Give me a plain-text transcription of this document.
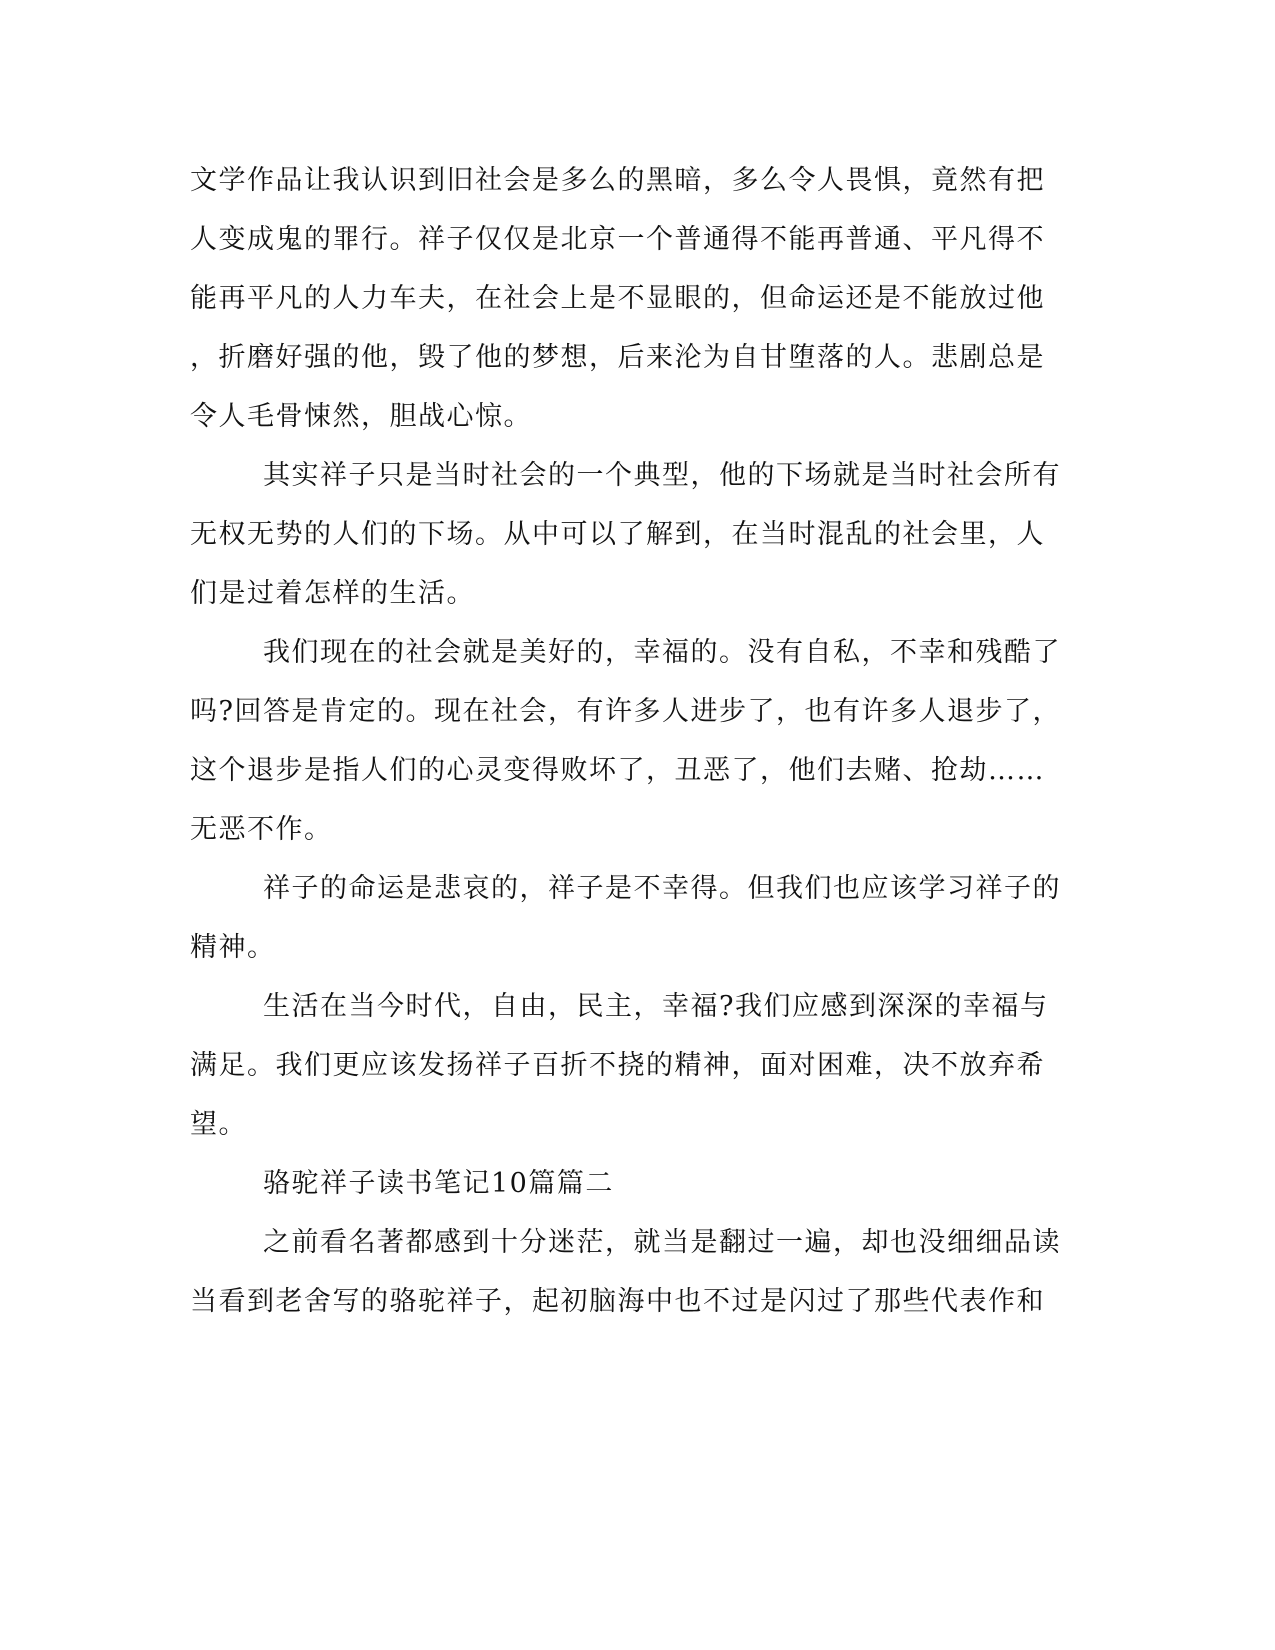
文学作品让我认识到旧社会是多么的黑暗，多么令人畏惧，竟然有把
人变成鬼的罪行。祥子仅仅是北京一个普通得不能再普通、平凡得不
能再平凡的人力车夫，在社会上是不显眼的，但命运还是不能放过他
，折磨好强的他，毁了他的梦想，后来沦为自甘堕落的人。悲剧总是
令人毛骨悚然，胆战心惊。
其实祥子只是当时社会的一个典型，他的下场就是当时社会所有
无权无势的人们的下场。从中可以了解到，在当时混乱的社会里，人
们是过着怎样的生活。
我们现在的社会就是美好的，幸福的。没有自私，不幸和残酷了
吗?回答是肯定的。现在社会，有许多人进步了，也有许多人退步了，
这个退步是指人们的心灵变得败坏了，丑恶了，他们去赌、抢劫……
无恶不作。
祥子的命运是悲哀的，祥子是不幸得。但我们也应该学习祥子的
精神。
生活在当今时代，自由，民主，幸福?我们应感到深深的幸福与
满足。我们更应该发扬祥子百折不挠的精神，面对困难，决不放弃希
望。
骆驼祥子读书笔记10篇篇二
之前看名著都感到十分迷茫，就当是翻过一遍，却也没细细品读
当看到老舍写的骆驼祥子，起初脑海中也不过是闪过了那些代表作和
